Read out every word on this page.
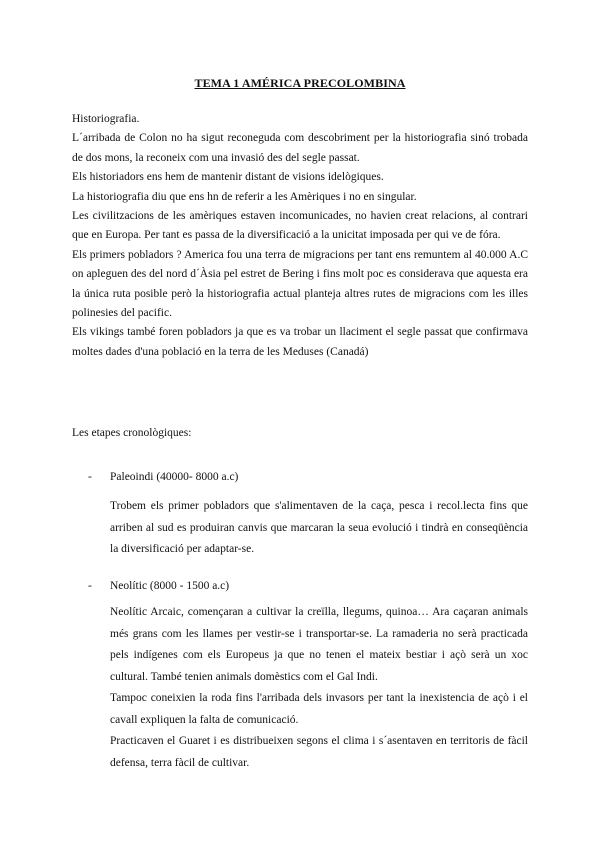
TEMA 1 AMÉRICA PRECOLOMBINA

Historiografia.

L´arribada de Colon no ha sigut reconeguda com descobriment per la historiografia sinó trobada de dos mons, la reconeix com una invasió des del segle passat.

Els historiadors ens hem de mantenir distant de visions idelògiques.

La historiografia diu que ens hn de referir a les Amèriques i no en singular.

Les civilitzacions de les amèriques estaven incomunicades, no havien creat relacions, al contrari que en Europa. Per tant es passa de la diversificació a la unicitat imposada per qui ve de fóra.

Els primers pobladors ? America fou una terra de migracions per tant ens remuntem al 40.000 A.C on apleguen des del nord d´Àsia pel estret de Bering i fins molt poc es considerava que aquesta era la única ruta posible però la historiografia actual planteja altres rutes de migracions com les illes polinesies del pacific.

Els vikings també foren pobladors ja que es va trobar un llaciment el segle passat que confirmava moltes dades d'una població en la terra de les Meduses (Canadá)

Les etapes cronològiques:
- Paleoindi (40000- 8000 a.c)

Trobem els primer pobladors que s'alimentaven de la caça, pesca i recol.lecta fins que arriben al sud es produiran canvis que marcaran la seua evolució i tindrà en conseqüència la diversificació per adaptar-se.

- Neolític (8000 - 1500 a.c)

Neolític Arcaic, començaran a cultivar la creïlla, llegums, quinoa… Ara caçaran animals més grans com les llames per vestir-se i transportar-se. La ramaderia no serà practicada pels indígenes com els Europeus ja que no tenen el mateix bestiar i açò serà un xoc cultural. També tenien animals domèstics com el Gal Indi.

Tampoc coneixien la roda fins l'arribada dels invasors per tant la inexistencia de açò i el cavall expliquen la falta de comunicació.

Practicaven el Guaret i es distribueixen segons el clima i s´asentaven en territoris de fàcil defensa, terra fàcil de cultivar.
